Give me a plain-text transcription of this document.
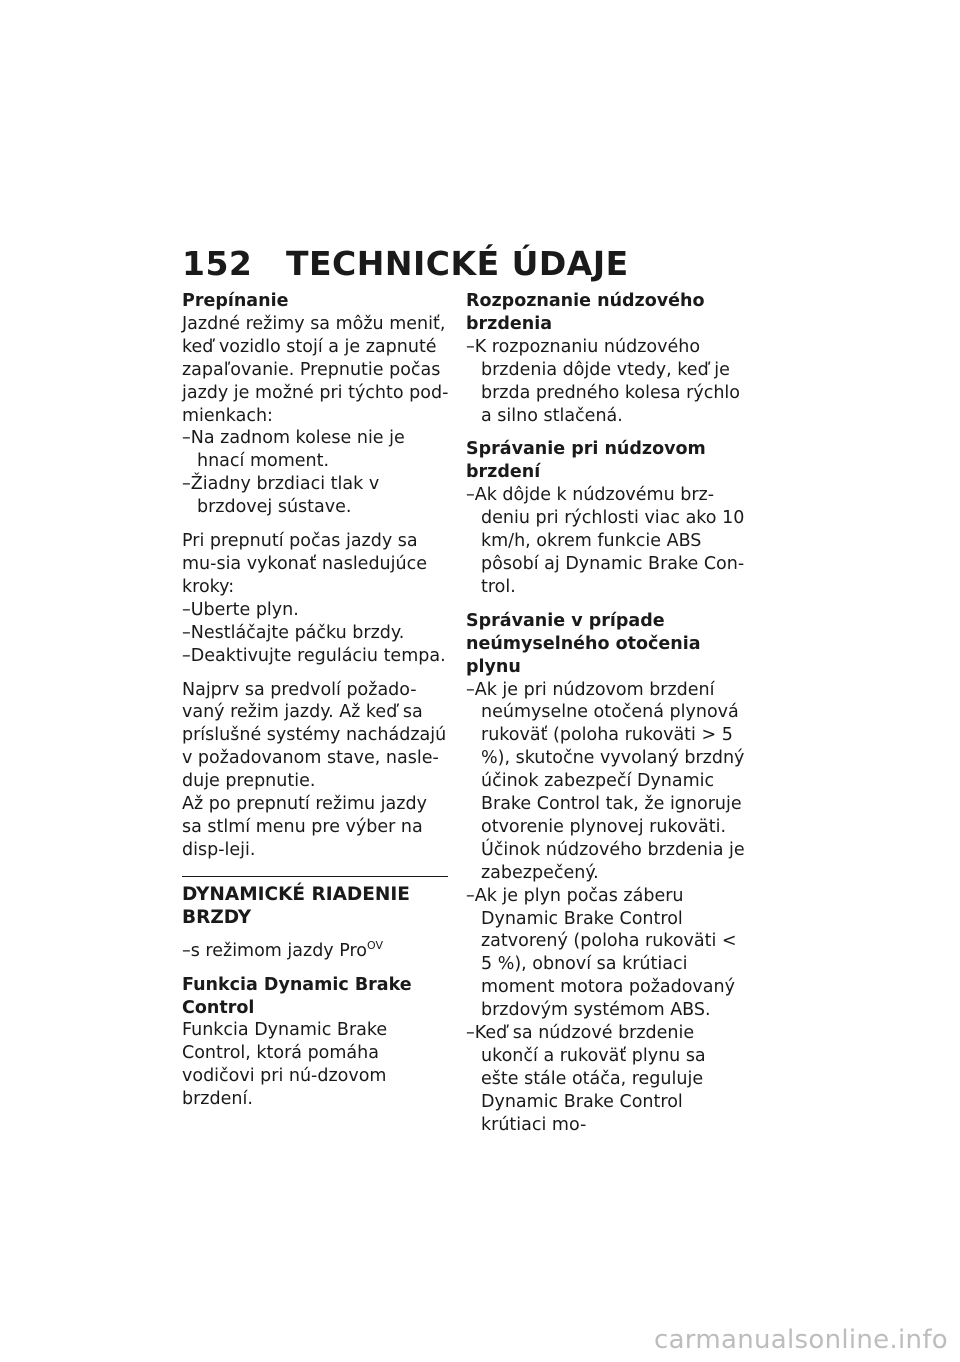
152 TECHNICKÉ ÚDAJE

Prepínanie

Jazdné režimy sa môžu meniť, keď vozidlo stojí a je zapnuté zapaľovanie. Prepnutie počas jazdy je možné pri týchto pod-mienkach:

–Na zadnom kolese nie je hnací moment.

–Žiadny brzdiaci tlak v brzdovej sústave.

Pri prepnutí počas jazdy sa mu-sia vykonať nasledujúce kroky:

–Uberte plyn.

–Nestláčajte páčku brzdy.

–Deaktivujte reguláciu tempa.

Najprv sa predvolí požado-vaný režim jazdy. Až keď sa príslušné systémy nachádzajú v požadovanom stave, nasle-duje prepnutie.

Až po prepnutí režimu jazdy sa stlmí menu pre výber na disp-leji.

DYNAMICKÉ RIADENIE BRZDY

–s režimom jazdy Pro$^{OV}$

Funkcia Dynamic Brake Control

Funkcia Dynamic Brake Control, ktorá pomáha vodičovi pri nú-dzovom brzdení.

Rozpoznanie núdzového brzdenia

–K rozpoznaniu núdzového brzdenia dôjde vtedy, keď je brzda predného kolesa rýchlo a silno stlačená.

Správanie pri núdzovom brzdení

–Ak dôjde k núdzovému brz-deniu pri rýchlosti viac ako 10 km/h, okrem funkcie ABS pôsobí aj Dynamic Brake Con-trol.

Správanie v prípade neúmyselného otočenia plynu

–Ak je pri núdzovom brzdení neúmyselne otočená plynová rukoväť (poloha rukoväti > 5 %), skutočne vyvolaný brzdný účinok zabezpečí Dynamic Brake Control tak, že ignoruje otvorenie plynovej rukoväti. Účinok núdzového brzdenia je zabezpečený.

–Ak je plyn počas záberu Dynamic Brake Control zatvorený (poloha rukoväti < 5 %), obnoví sa krútiaci moment motora požadovaný brzdovým systémom ABS.

–Keď sa núdzové brzdenie ukončí a rukoväť plynu sa ešte stále otáča, reguluje Dynamic Brake Control krútiaci mo-

carmanualsonline.info
